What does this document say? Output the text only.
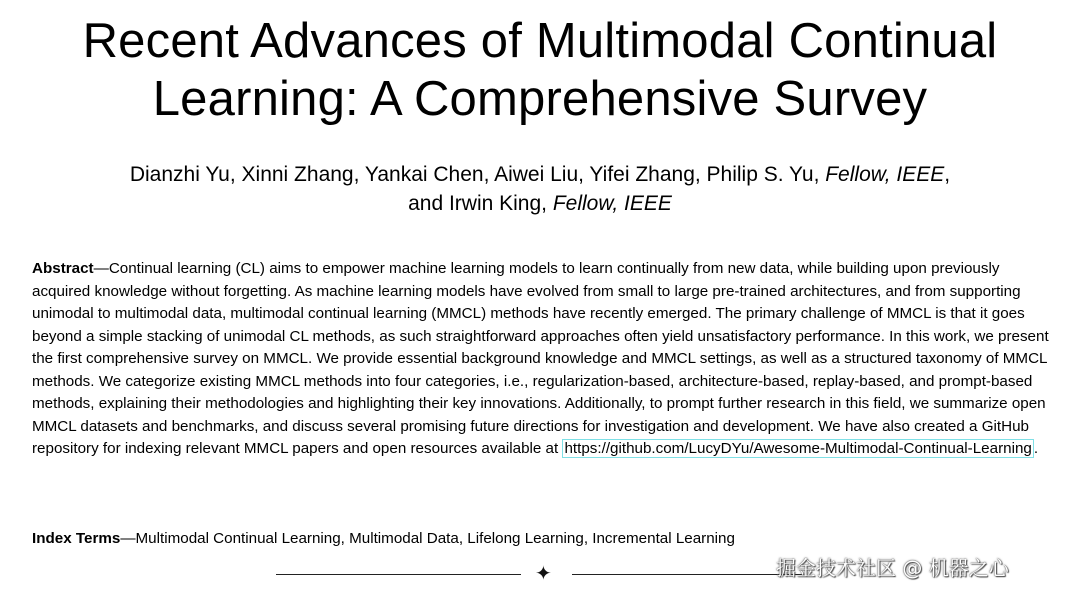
Recent Advances of Multimodal Continual
Learning: A Comprehensive Survey
Dianzhi Yu, Xinni Zhang, Yankai Chen, Aiwei Liu, Yifei Zhang, Philip S. Yu, Fellow, IEEE,
and Irwin King, Fellow, IEEE

Abstract—Continual learning (CL) aims to empower machine learning models to learn continually from new data, while building upon previously acquired knowledge without forgetting. As machine learning models have evolved from small to large pre-trained architectures, and from supporting unimodal to multimodal data, multimodal continual learning (MMCL) methods have recently emerged. The primary challenge of MMCL is that it goes beyond a simple stacking of unimodal CL methods, as such straightforward approaches often yield unsatisfactory performance. In this work, we present the first comprehensive survey on MMCL. We provide essential background knowledge and MMCL settings, as well as a structured taxonomy of MMCL methods. We categorize existing MMCL methods into four categories, i.e., regularization-based, architecture-based, replay-based, and prompt-based methods, explaining their methodologies and highlighting their key innovations. Additionally, to prompt further research in this field, we summarize open MMCL datasets and benchmarks, and discuss several promising future directions for investigation and development. We have also created a GitHub repository for indexing relevant MMCL papers and open resources available at https://github.com/LucyDYu/Awesome-Multimodal-Continual-Learning .

Index Terms—Multimodal Continual Learning, Multimodal Data, Lifelong Learning, Incremental Learning

✦	掘金技术社区 @ 机器之心
